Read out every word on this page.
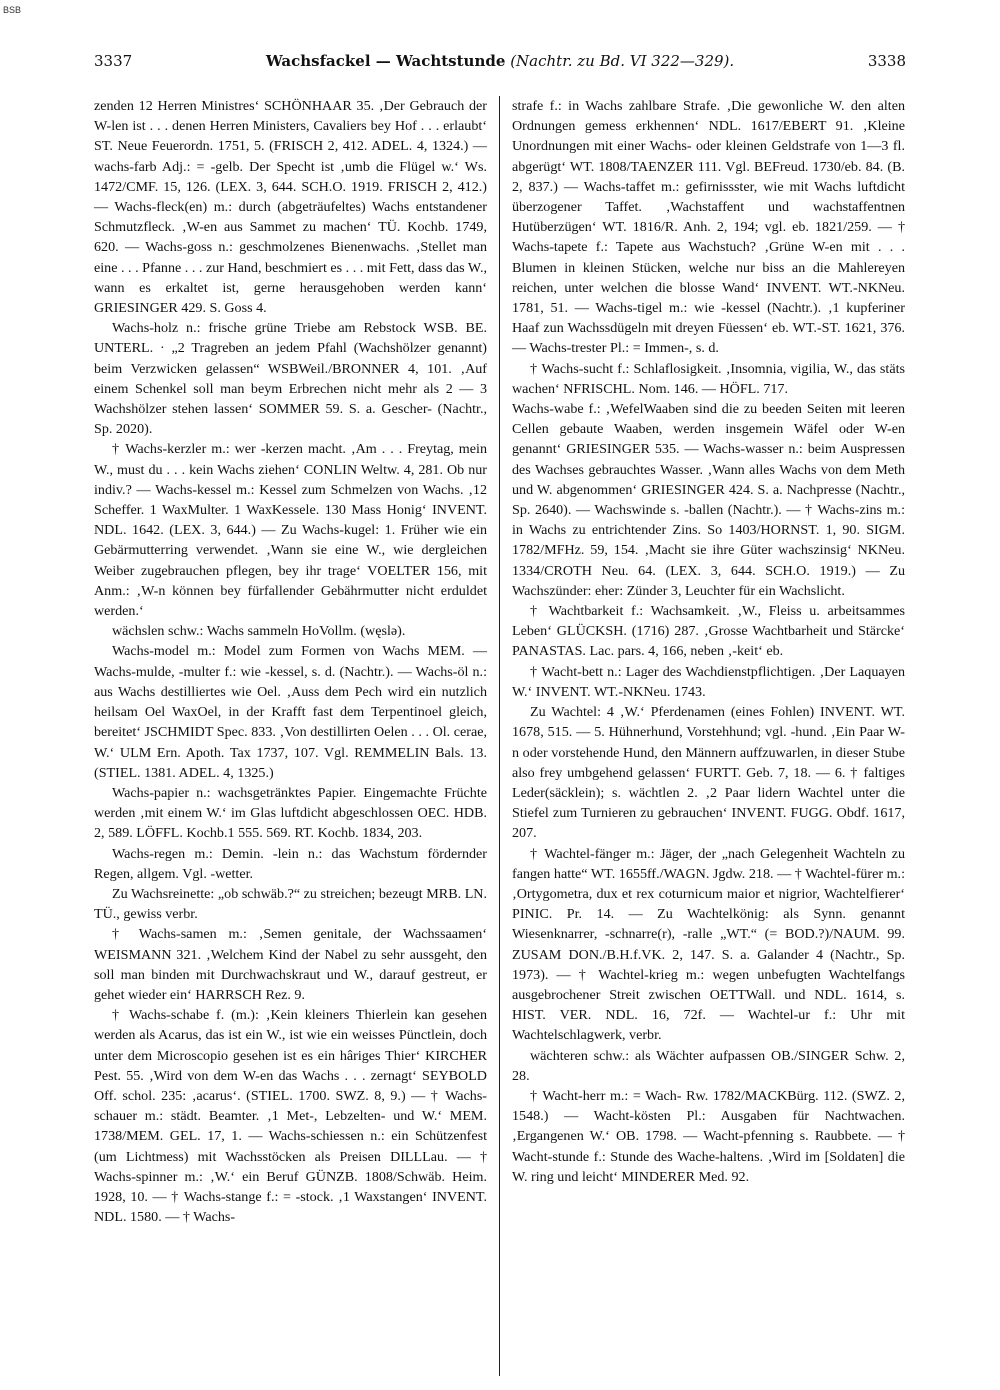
BSB
3337	Wachsfackel — Wachtstunde (Nachtr. zu Bd. VI 322—329).	3338

zenden 12 Herren Ministres‘ SCHÖNHAAR 35. ‚Der Gebrauch der W-len ist . . . denen Herren Ministers, Cavaliers bey Hof . . . erlaubt‘ ST. Neue Feuerordn. 1751, 5. (FRISCH 2, 412. ADEL. 4, 1324.) — wachs-farb Adj.: = -gelb. Der Specht ist ‚umb die Flügel w.‘ Ws. 1472/CMF. 15, 126. (LEX. 3, 644. SCH.O. 1919. FRISCH 2, 412.) — Wachs-fleck(en) m.: durch (abgeträufeltes) Wachs entstandener Schmutzfleck. ‚W-en aus Sammet zu machen‘ TÜ. Kochb. 1749, 620. — Wachs-goss n.: geschmolzenes Bienenwachs. ‚Stellet man eine . . . Pfanne . . . zur Hand, beschmiert es . . . mit Fett, dass das W., wann es erkaltet ist, gerne herausgehoben werden kann‘ GRIESINGER 429. S. Goss 4.

Wachs-holz n.: frische grüne Triebe am Rebstock WSB. BE. UNTERL. · „2 Tragreben an jedem Pfahl (Wachshölzer genannt) beim Verzwicken gelassen“ WSBWeil./BRONNER 4, 101. ‚Auf einem Schenkel soll man beym Erbrechen nicht mehr als 2 — 3 Wachshölzer stehen lassen‘ SOMMER 59. S. a. Gescher- (Nachtr., Sp. 2020).

† Wachs-kerzler m.: wer -kerzen macht. ‚Am . . . Freytag, mein W., must du . . . kein Wachs ziehen‘ CONLIN Weltw. 4, 281. Ob nur indiv.? — Wachs-kessel m.: Kessel zum Schmelzen von Wachs. ‚12 Scheffer. 1 WaxMulter. 1 WaxKessele. 130 Mass Honig‘ INVENT. NDL. 1642. (LEX. 3, 644.) — Zu Wachs-kugel: 1. Früher wie ein Gebärmutterring verwendet. ‚Wann sie eine W., wie dergleichen Weiber zugebrauchen pflegen, bey ihr trage‘ VOELTER 156, mit Anm.: ‚W-n können bey fürfallender Gebährmutter nicht erduldet werden.‘

wächslen schw.: Wachs sammeln HoVollm. (węslə).

Wachs-model m.: Model zum Formen von Wachs MEM. — Wachs-mulde, -multer f.: wie -kessel, s. d. (Nachtr.). — Wachs-öl n.: aus Wachs destilliertes wie Oel. ‚Auss dem Pech wird ein nutzlich heilsam Oel WaxOel, in der Krafft fast dem Terpentinoel gleich, bereitet‘ JSCHMIDT Spec. 833. ‚Von destillirten Oelen . . . Ol. cerae, W.‘ ULM Ern. Apoth. Tax 1737, 107. Vgl. REMMELIN Bals. 13. (STIEL. 1381. ADEL. 4, 1325.)

Wachs-papier n.: wachsgetränktes Papier. Eingemachte Früchte werden ‚mit einem W.‘ im Glas luftdicht abgeschlossen OEC. HDB. 2, 589. LÖFFL. Kochb.1 555. 569. RT. Kochb. 1834, 203.

Wachs-regen m.: Demin. -lein n.: das Wachstum fördernder Regen, allgem. Vgl. -wetter.

Zu Wachsreinette: „ob schwäb.?“ zu streichen; bezeugt MRB. LN. TÜ., gewiss verbr.

† Wachs-samen m.: ‚Semen genitale, der Wachssaamen‘ WEISMANN 321. ‚Welchem Kind der Nabel zu sehr aussgeht, den soll man binden mit Durchwachskraut und W., darauf gestreut, er gehet wieder ein‘ HARRSCH Rez. 9.

† Wachs-schabe f. (m.): ‚Kein kleiners Thierlein kan gesehen werden als Acarus, das ist ein W., ist wie ein weisses Pünctlein, doch unter dem Microscopio gesehen ist es ein hâriges Thier‘ KIRCHER Pest. 55. ‚Wird von dem W-en das Wachs . . . zernagt‘ SEYBOLD Off. schol. 235: ‚acarus‘. (STIEL. 1700. SWZ. 8, 9.) — † Wachs-schauer m.: städt. Beamter. ‚1 Met-, Lebzelten- und W.‘ MEM. 1738/MEM. GEL. 17, 1. — Wachs-schiessen n.: ein Schützenfest (um Lichtmess) mit Wachsstöcken als Preisen DILLLau. — † Wachs-spinner m.: ‚W.‘ ein Beruf GÜNZB. 1808/Schwäb. Heim. 1928, 10. — † Wachs-stange f.: = -stock. ‚1 Waxstangen‘ INVENT. NDL. 1580. — † Wachs-

strafe f.: in Wachs zahlbare Strafe. ‚Die gewonliche W. den alten Ordnungen gemess erkhennen‘ NDL. 1617/EBERT 91. ‚Kleine Unordnungen mit einer Wachs- oder kleinen Geldstrafe von 1—3 fl. abgerügt‘ WT. 1808/TAENZER 111. Vgl. BEFreud. 1730/eb. 84. (B. 2, 837.) — Wachs-taffet m.: gefirnissster, wie mit Wachs luftdicht überzogener Taffet. ‚Wachstaffent und wachstaffentnen Hutüberzügen‘ WT. 1816/R. Anh. 2, 194; vgl. eb. 1821/259. — † Wachs-tapete f.: Tapete aus Wachstuch? ‚Grüne W-en mit . . . Blumen in kleinen Stücken, welche nur biss an die Mahlereyen reichen, unter welchen die blosse Wand‘ INVENT. WT.-NKNeu. 1781, 51. — Wachs-tigel m.: wie -kessel (Nachtr.). ‚1 kupferiner Haaf zun Wachssdügeln mit dreyen Füessen‘ eb. WT.-ST. 1621, 376. — Wachs-trester Pl.: = Immen-, s. d.

† Wachs-sucht f.: Schlaflosigkeit. ‚Insomnia, vigilia, W., das stäts wachen‘ NFRISCHL. Nom. 146. — HÖFL. 717.

Wachs-wabe f.: ‚WefelWaaben sind die zu beeden Seiten mit leeren Cellen gebaute Waaben, werden insgemein Wäfel oder W-en genannt‘ GRIESINGER 535. — Wachs-wasser n.: beim Auspressen des Wachses gebrauchtes Wasser. ‚Wann alles Wachs von dem Meth und W. abgenommen‘ GRIESINGER 424. S. a. Nachpresse (Nachtr., Sp. 2640). — Wachswinde s. -ballen (Nachtr.). — † Wachs-zins m.: in Wachs zu entrichtender Zins. So 1403/HORNST. 1, 90. SIGM. 1782/MFHz. 59, 154. ‚Macht sie ihre Güter wachszinsig‘ NKNeu. 1334/CROTH Neu. 64. (LEX. 3, 644. SCH.O. 1919.) — Zu Wachszünder: eher: Zünder 3, Leuchter für ein Wachslicht.

† Wachtbarkeit f.: Wachsamkeit. ‚W., Fleiss u. arbeitsammes Leben‘ GLÜCKSH. (1716) 287. ‚Grosse Wachtbarheit und Stärcke‘ PANASTAS. Lac. pars. 4, 166, neben ‚-keit‘ eb.

† Wacht-bett n.: Lager des Wachdienstpflichtigen. ‚Der Laquayen W.‘ INVENT. WT.-NKNeu. 1743.

Zu Wachtel: 4 ‚W.‘ Pferdenamen (eines Fohlen) INVENT. WT. 1678, 515. — 5. Hühnerhund, Vorstehhund; vgl. -hund. ‚Ein Paar W-n oder vorstehende Hund, den Männern auffzuwarlen, in dieser Stube also frey umbgehend gelassen‘ FURTT. Geb. 7, 18. — 6. † faltiges Leder(säcklein); s. wächtlen 2. ‚2 Paar lidern Wachtel unter die Stiefel zum Turnieren zu gebrauchen‘ INVENT. FUGG. Obdf. 1617, 207.

† Wachtel-fänger m.: Jäger, der „nach Gelegenheit Wachteln zu fangen hatte“ WT. 1655ff./WAGN. Jgdw. 218. — † Wachtel-fürer m.: ‚Ortygometra, dux et rex coturnicum maior et nigrior, Wachtelfierer‘ PINIC. Pr. 14. — Zu Wachtelkönig: als Synn. genannt Wiesenknarrer, -schnarre(r), -ralle „WT.“ (= BOD.?)/NAUM. 99. ZUSAM DON./B.H.f.VK. 2, 147. S. a. Galander 4 (Nachtr., Sp. 1973). — † Wachtel-krieg m.: wegen unbefugten Wachtelfangs ausgebrochener Streit zwischen OETTWall. und NDL. 1614, s. HIST. VER. NDL. 16, 72f. — Wachtel-ur f.: Uhr mit Wachtelschlagwerk, verbr.

wächteren schw.: als Wächter aufpassen OB./SINGER Schw. 2, 28.

† Wacht-herr m.: = Wach- Rw. 1782/MACKBürg. 112. (SWZ. 2, 1548.) — Wacht-kösten Pl.: Ausgaben für Nachtwachen. ‚Ergangenen W.‘ OB. 1798. — Wacht-pfenning s. Raubbete. — † Wacht-stunde f.: Stunde des Wache-haltens. ‚Wird im [Soldaten] die W. ring und leicht‘ MINDERER Med. 92.
